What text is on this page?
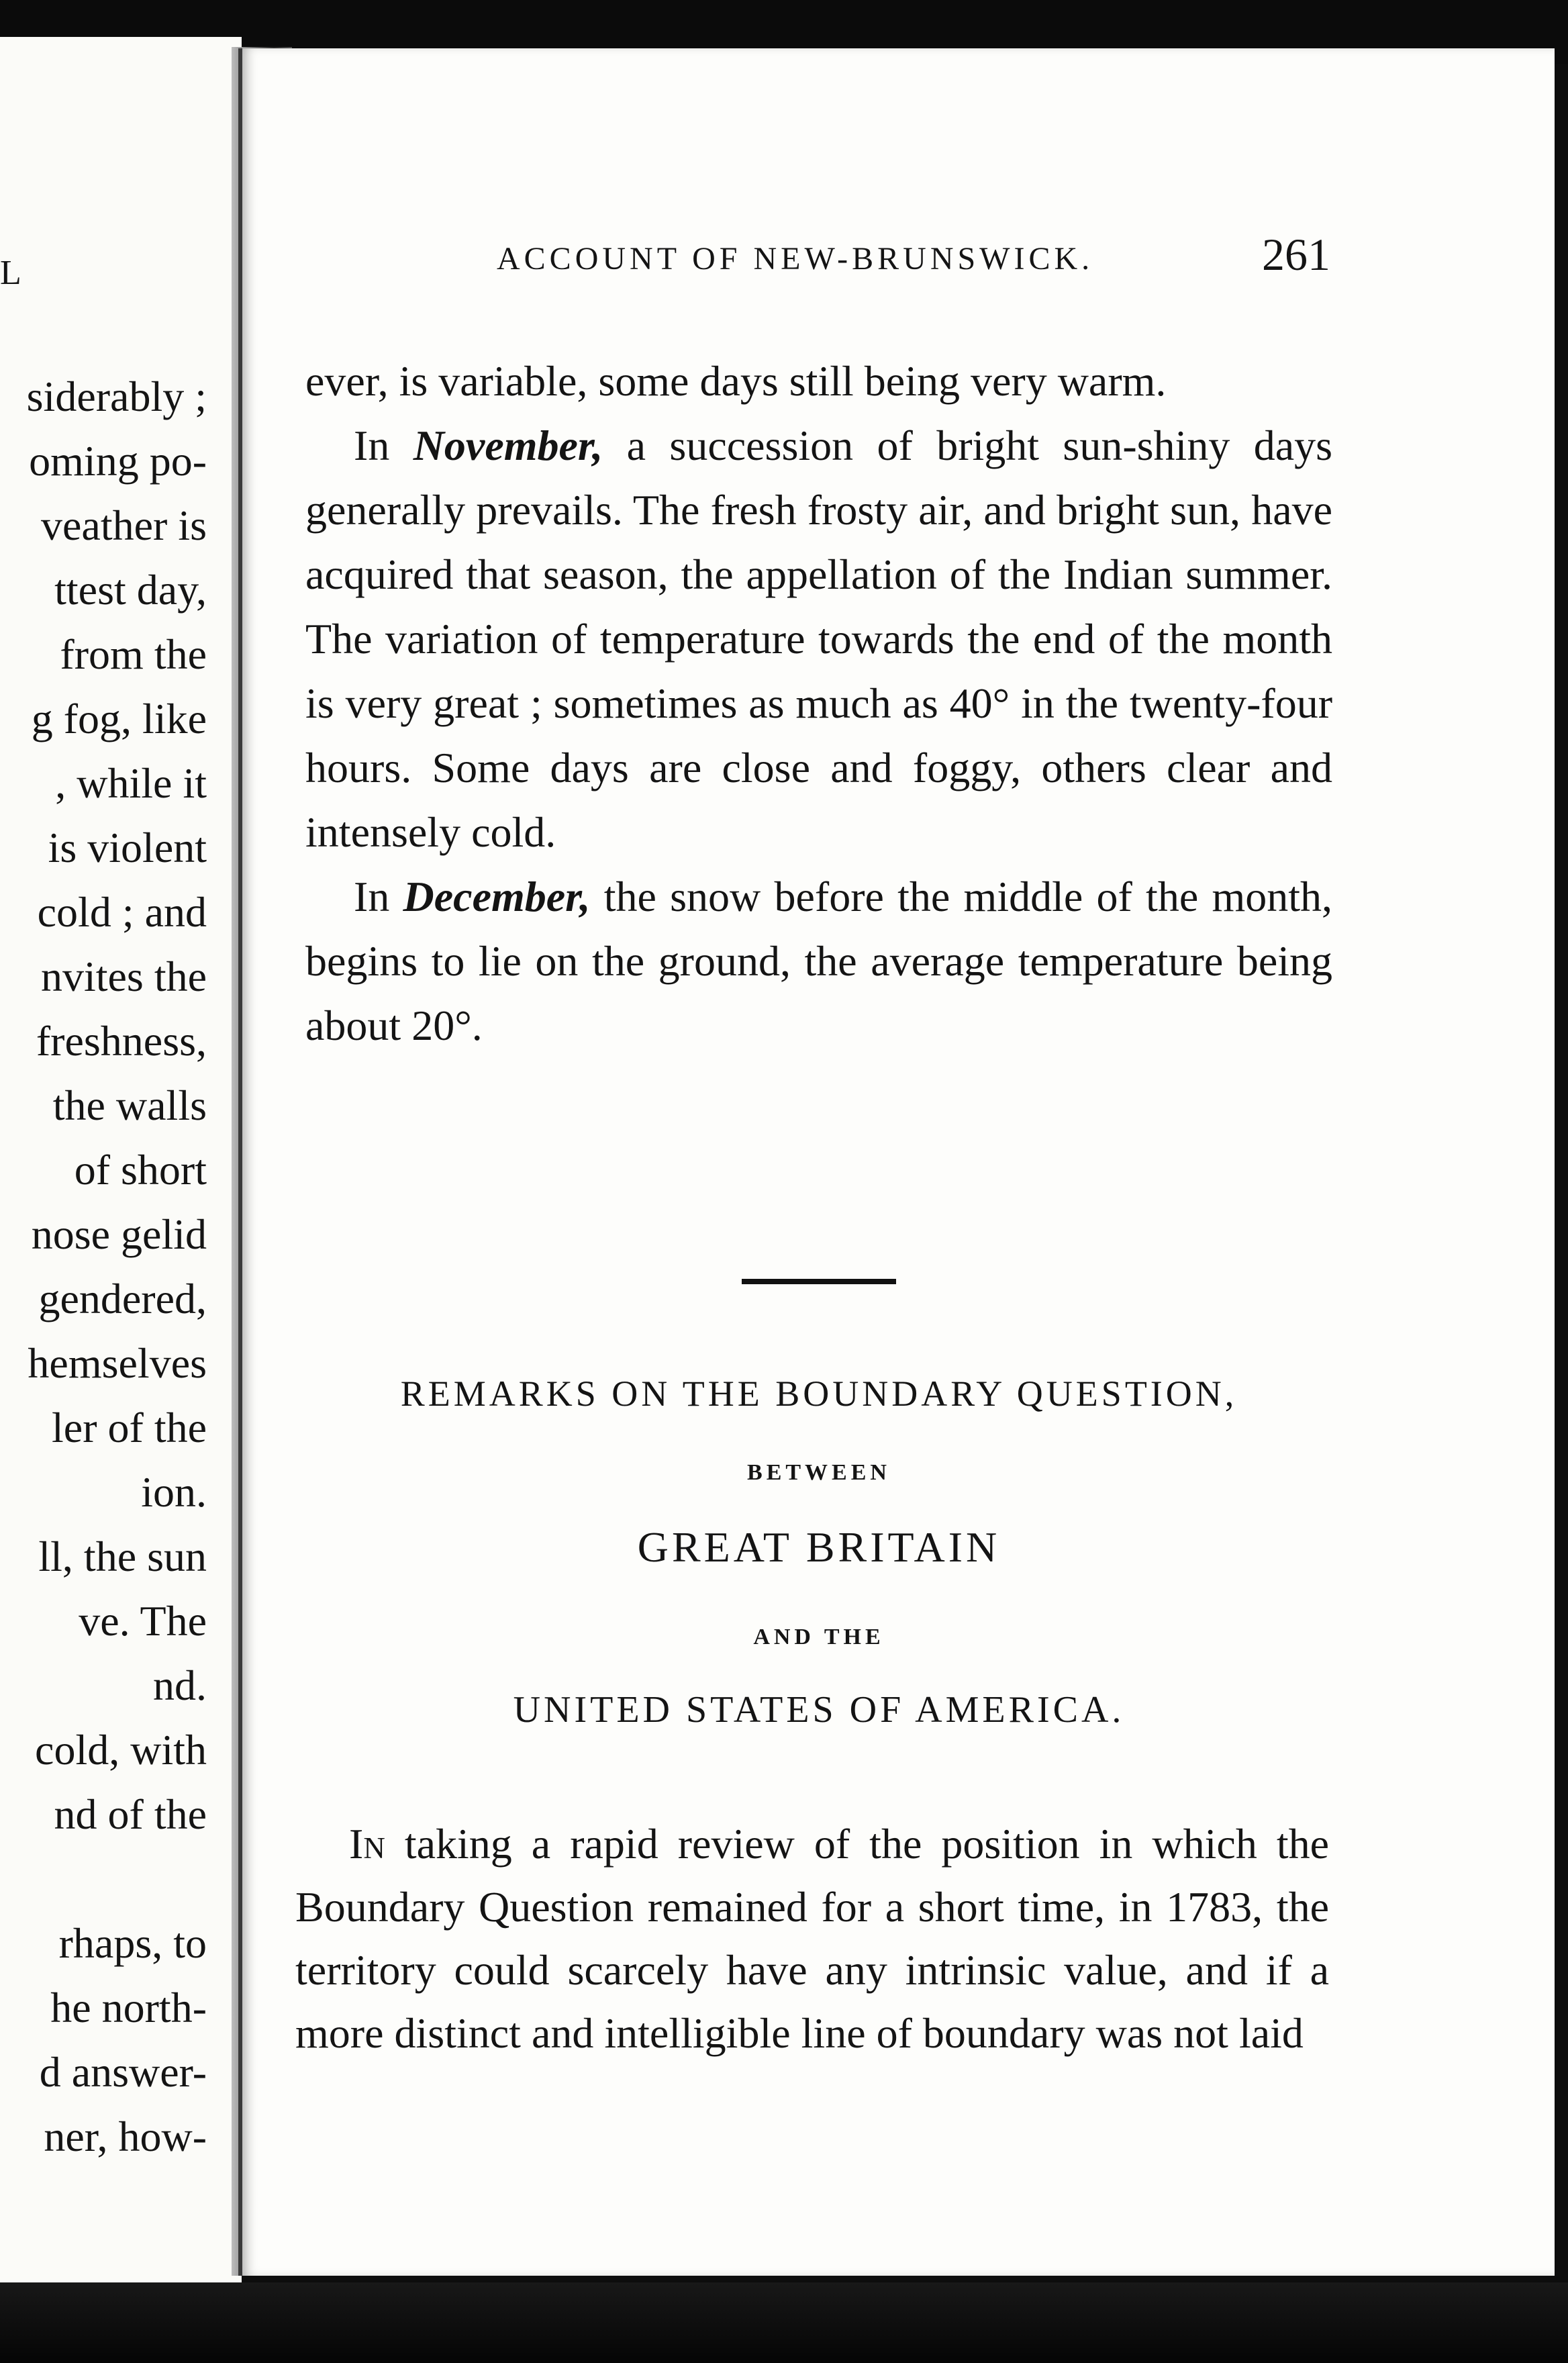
L
siderably ;
oming po-
veather is
ttest day,
from the
g fog, like
, while it
is violent
cold ; and
nvites the
freshness,
the walls
of short
nose gelid
gendered,
hemselves
ler of the
ion.
ll, the sun
ve. The
nd.
cold, with
nd of the
rhaps, to
he north-
d answer-
ner, how-
ACCOUNT OF NEW-BRUNSWICK.	261

ever, is variable, some days still being very warm.

In November, a succession of bright sun-shiny days generally prevails. The fresh frosty air, and bright sun, have acquired that season, the appellation of the Indian summer. The variation of temperature towards the end of the month is very great ; sometimes as much as 40° in the twenty-four hours. Some days are close and foggy, others clear and intensely cold.

In December, the snow before the middle of the month, begins to lie on the ground, the average temperature being about 20°.

REMARKS ON THE BOUNDARY QUESTION,
BETWEEN
GREAT BRITAIN
AND THE
UNITED STATES OF AMERICA.

In taking a rapid review of the position in which the Boundary Question remained for a short time, in 1783, the territory could scarcely have any intrinsic value, and if a more distinct and intelligible line of boundary was not laid
